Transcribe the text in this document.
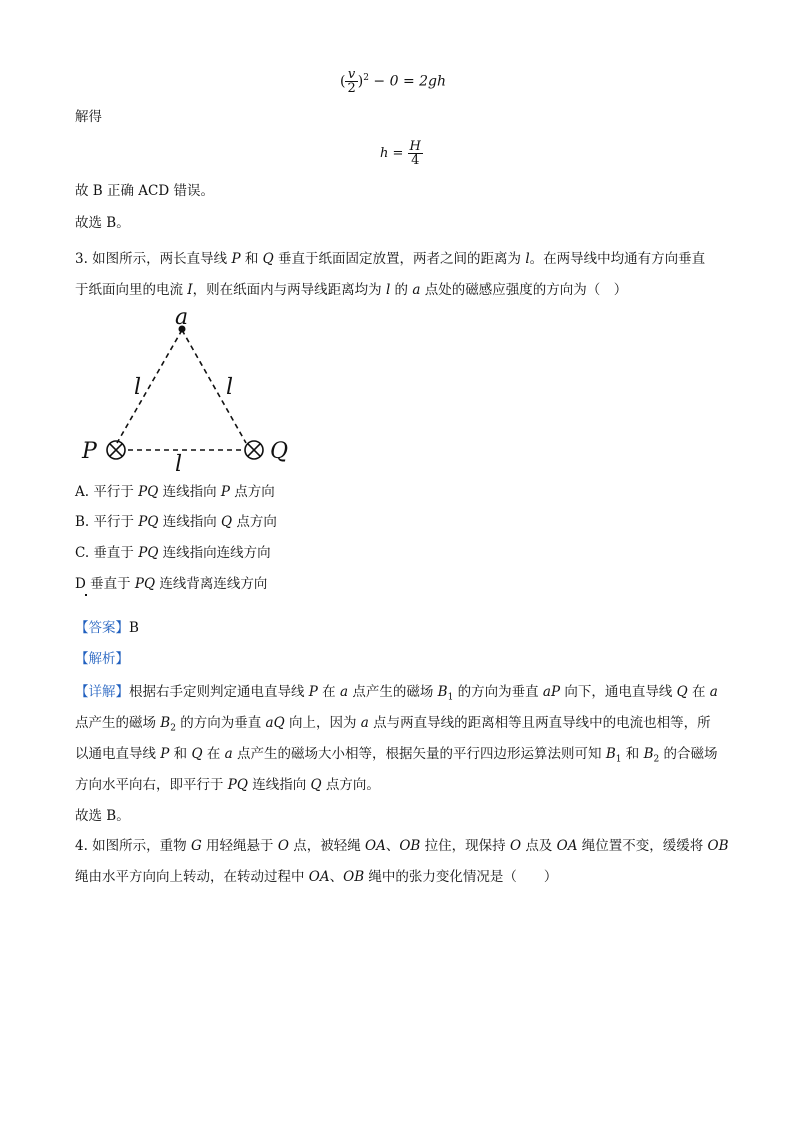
( $\frac{v}{2} )^2 - 0 = 2gh$
解得
$h = \frac{H}{4}$
故 B 正确 ACD 错误。
故选 B。
3. 如图所示，两长直导线 P 和 Q 垂直于纸面固定放置，两者之间的距离为 l。在两导线中均通有方向垂直
于纸面向里的电流 I，则在纸面内与两导线距离均为 l 的 a 点处的磁感应强度的方向为（　）
a
P	Q
l	l
l
A. 平行于 PQ 连线指向 P 点方向
B. 平行于 PQ 连线指向 Q 点方向
C. 垂直于 PQ 连线指向连线方向
D 垂直于 PQ 连线背离连线方向
【答案】B
【解析】
【详解】根据右手定则判定通电直导线 P 在 a 点产生的磁场 $B_1$ 的方向为垂直 aP 向下，通电直导线 Q 在 a
点产生的磁场 $B_2$ 的方向为垂直 aQ 向上，因为 a 点与两直导线的距离相等且两直导线中的电流也相等，所
以通电直导线 P 和 Q 在 a 点产生的磁场大小相等，根据矢量的平行四边形运算法则可知 $B_1$ 和 $B_2$ 的合磁场
方向水平向右，即平行于 PQ 连线指向 Q 点方向。
故选 B。
4. 如图所示，重物 G 用轻绳悬于 O 点，被轻绳 OA、OB 拉住，现保持 O 点及 OA 绳位置不变，缓缓将 OB
绳由水平方向向上转动，在转动过程中 OA、OB 绳中的张力变化情况是（　　）
